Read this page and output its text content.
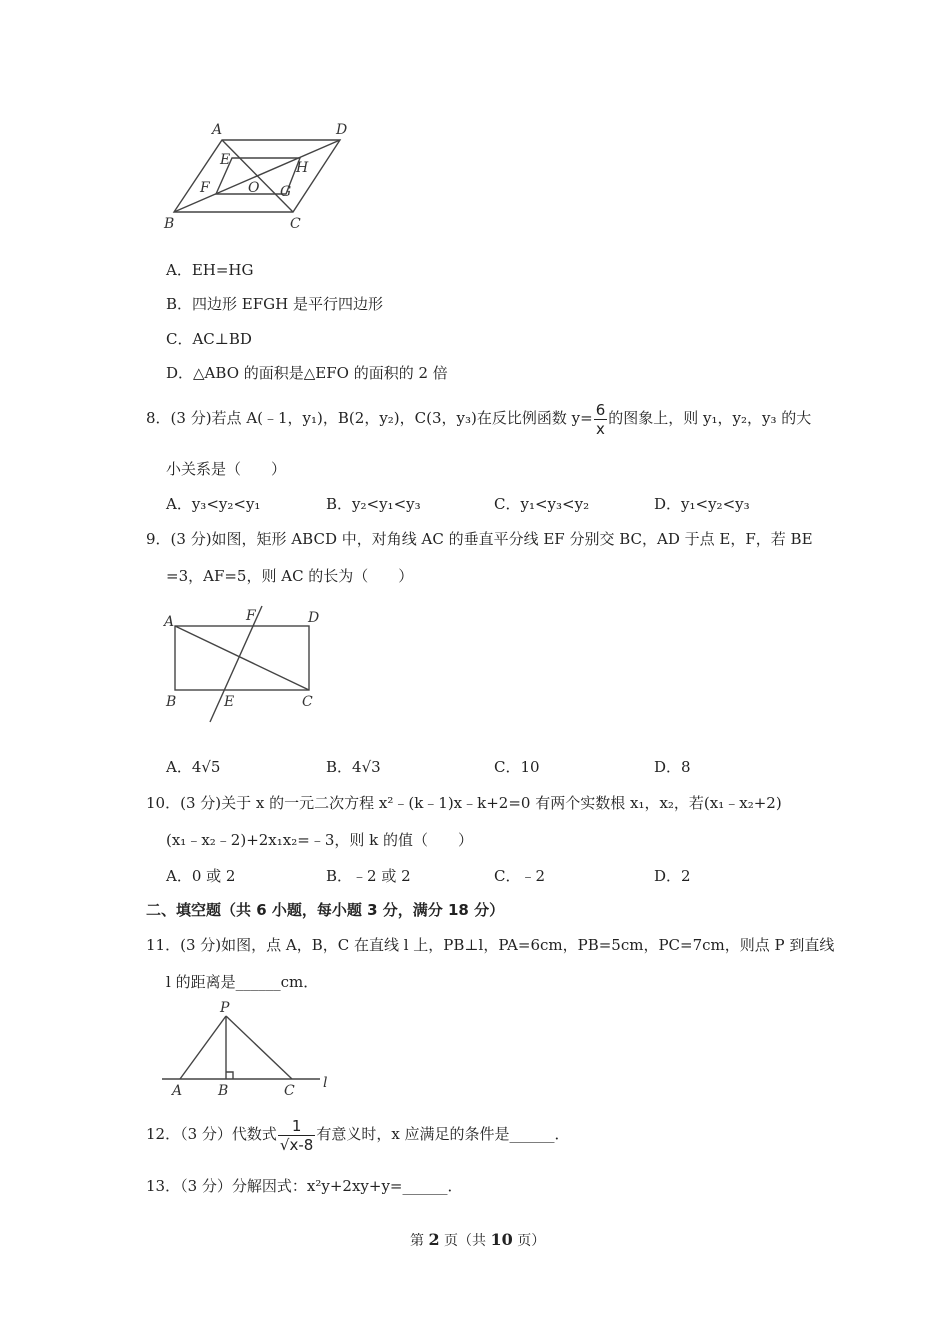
A	D
E	H
F	O G
B	C
A．EH=HG
B．四边形 EFGH 是平行四边形
C．AC⊥BD
D．△ABO 的面积是△EFO 的面积的 2 倍
8．(3 分)若点 A(﹣1，y₁)，B(2，y₂)，C(3，y₃)在反比例函数 $y= \frac{6}{x}$ 的图象上，则 y₁，y₂，y₃ 的大
小关系是（　　）
A．y₃<y₂<y₁	B．y₂<y₁<y₃	C．y₁<y₃<y₂	D．y₁<y₂<y₃
9．(3 分)如图，矩形 ABCD 中，对角线 AC 的垂直平分线 EF 分别交 BC，AD 于点 E，F，若 BE
=3，AF=5，则 AC 的长为（　　）
A	F	D
B	E	C
A．4√5	B．4√3	C．10	D．8
10．(3 分)关于 x 的一元二次方程 x²﹣(k﹣1)x﹣k+2=0 有两个实数根 x₁，x₂，若(x₁﹣x₂+2)
(x₁﹣x₂﹣2)+2x₁x₂=﹣3，则 k 的值（　　）
A．0 或 2	B．﹣2 或 2	C．﹣2	D．2
二、填空题（共 6 小题，每小题 3 分，满分 18 分）
11．(3 分)如图，点 A，B，C 在直线 l 上，PB⊥l，PA=6cm，PB=5cm，PC=7cm，则点 P 到直线
l 的距离是______cm．
P
A	B	C l
12．（3 分）代数式 $\frac{1}{√x-8}$ 有意义时，x 应满足的条件是______．
13．（3 分）分解因式：x²y+2xy+y=______．
第 2 页（共 10 页）
